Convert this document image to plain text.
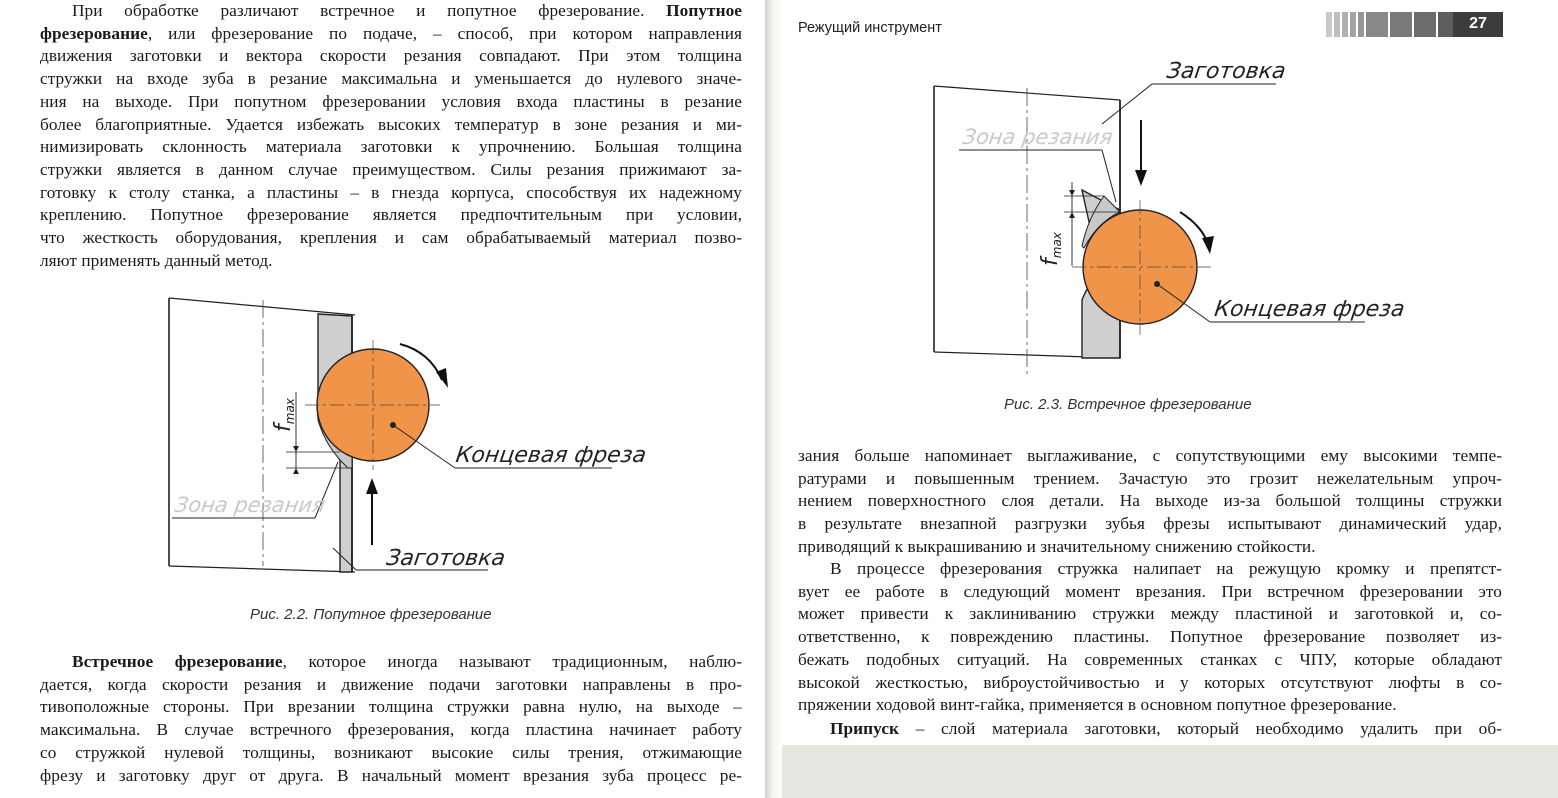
При обработке различают встречное и попутное фрезерование. Попутное
фрезерование, или фрезерование по подаче, – способ, при котором направления
движения заготовки и вектора скорости резания совпадают. При этом толщина
стружки на входе зуба в резание максимальна и уменьшается до нулевого значе-
ния на выходе. При попутном фрезеровании условия входа пластины в резание
более благоприятные. Удается избежать высоких температур в зоне резания и ми-
нимизировать склонность материала заготовки к упрочнению. Большая толщина
стружки является в данном случае преимуществом. Силы резания прижимают за-
готовку к столу станка, а пластины – в гнезда корпуса, способствуя их надежному
креплению. Попутное фрезерование является предпочтительным при условии,
что жесткость оборудования, крепления и сам обрабатываемый материал позво-
ляют применять данный метод.
fmax
Концевая фреза
Зона резания
Заготовка
Рис. 2.2. Попутное фрезерование
Встречное фрезерование, которое иногда называют традиционным, наблю-
дается, когда скорости резания и движение подачи заготовки направлены в про-
тивоположные стороны. При врезании толщина стружки равна нулю, на выходе –
максимальна. В случае встречного фрезерования, когда пластина начинает работу
со стружкой нулевой толщины, возникают высокие силы трения, отжимающие
фрезу и заготовку друг от друга. В начальный момент врезания зуба процесс ре-
Режущий инструмент	27
fmax
Заготовка
Зона резания
Концевая фреза
Рис. 2.3. Встречное фрезерование
зания больше напоминает выглаживание, с сопутствующими ему высокими темпе-
ратурами и повышенным трением. Зачастую это грозит нежелательным упроч-
нением поверхностного слоя детали. На выходе из-за большой толщины стружки
в результате внезапной разгрузки зубья фрезы испытывают динамический удар,
приводящий к выкрашиванию и значительному снижению стойкости.
В процессе фрезерования стружка налипает на режущую кромку и препятст-
вует ее работе в следующий момент врезания. При встречном фрезеровании это
может привести к заклиниванию стружки между пластиной и заготовкой и, со-
ответственно, к повреждению пластины. Попутное фрезерование позволяет из-
бежать подобных ситуаций. На современных станках с ЧПУ, которые обладают
высокой жесткостью, виброустойчивостью и у которых отсутствуют люфты в со-
пряжении ходовой винт-гайка, применяется в основном попутное фрезерование.
Припуск – слой материала заготовки, который необходимо удалить при об-
